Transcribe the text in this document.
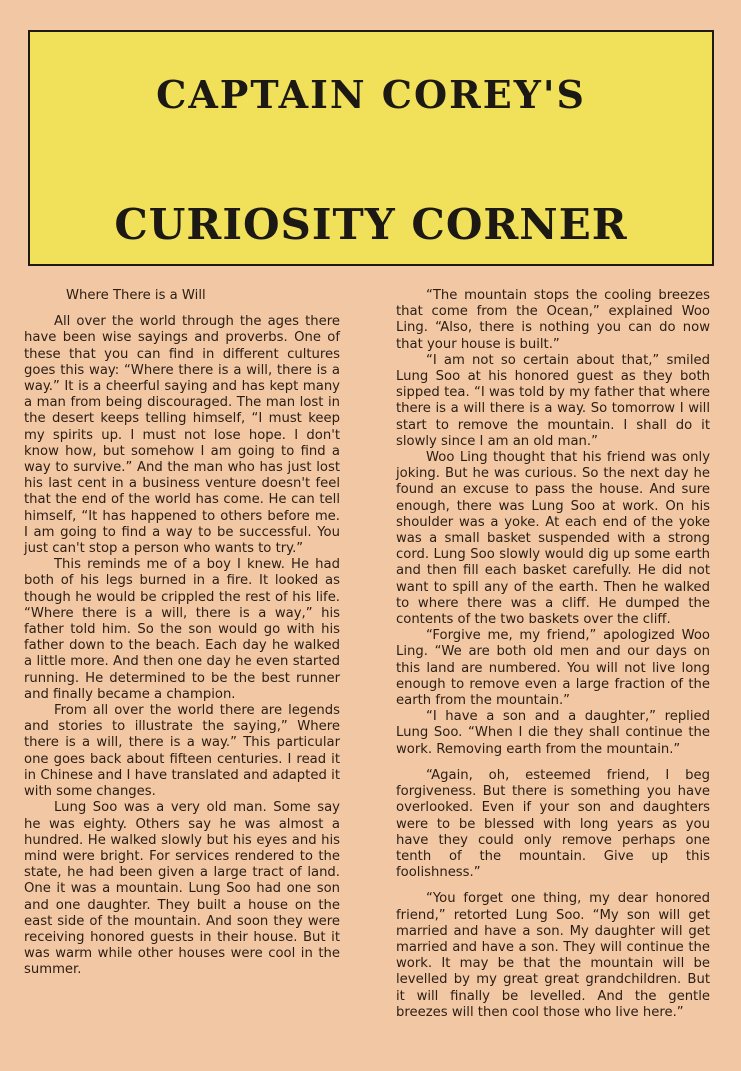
CAPTAIN COREY'S
CURIOSITY CORNER

Where There is a Will

All over the world through the ages there have been wise sayings and proverbs. One of these that you can find in different cultures goes this way: “Where there is a will, there is a way.” It is a cheerful saying and has kept many a man from being discouraged. The man lost in the desert keeps telling himself, “I must keep my spirits up. I must not lose hope. I don't know how, but somehow I am going to find a way to survive.” And the man who has just lost his last cent in a business venture doesn't feel that the end of the world has come. He can tell himself, “It has happened to others before me. I am going to find a way to be successful. You just can't stop a person who wants to try.”

This reminds me of a boy I knew. He had both of his legs burned in a fire. It looked as though he would be crippled the rest of his life. “Where there is a will, there is a way,” his father told him. So the son would go with his father down to the beach. Each day he walked a little more. And then one day he even started running. He determined to be the best runner and finally became a champion.

From all over the world there are legends and stories to illustrate the saying,” Where there is a will, there is a way.” This particular one goes back about fifteen centuries. I read it in Chinese and I have translated and adapted it with some changes.

Lung Soo was a very old man. Some say he was eighty. Others say he was almost a hundred. He walked slowly but his eyes and his mind were bright. For services rendered to the state, he had been given a large tract of land. One it was a mountain. Lung Soo had one son and one daughter. They built a house on the east side of the mountain. And soon they were receiving honored guests in their house. But it was warm while other houses were cool in the summer.

“The mountain stops the cooling breezes that come from the Ocean,” explained Woo Ling. “Also, there is nothing you can do now that your house is built.”

“I am not so certain about that,” smiled Lung Soo at his honored guest as they both sipped tea. “I was told by my father that where there is a will there is a way. So tomorrow I will start to remove the mountain. I shall do it slowly since I am an old man.”

Woo Ling thought that his friend was only joking. But he was curious. So the next day he found an excuse to pass the house. And sure enough, there was Lung Soo at work. On his shoulder was a yoke. At each end of the yoke was a small basket suspended with a strong cord. Lung Soo slowly would dig up some earth and then fill each basket carefully. He did not want to spill any of the earth. Then he walked to where there was a cliff. He dumped the contents of the two baskets over the cliff.

“Forgive me, my friend,” apologized Woo Ling. “We are both old men and our days on this land are numbered. You will not live long enough to remove even a large fraction of the earth from the mountain.”

“I have a son and a daughter,” replied Lung Soo. “When I die they shall continue the work. Removing earth from the mountain.”

“Again, oh, esteemed friend, I beg forgiveness. But there is something you have overlooked. Even if your son and daughters were to be blessed with long years as you have they could only remove perhaps one tenth of the mountain. Give up this foolishness.”

“You forget one thing, my dear honored friend,” retorted Lung Soo. “My son will get married and have a son. My daughter will get married and have a son. They will continue the work. It may be that the mountain will be levelled by my great great grandchildren. But it will finally be levelled. And the gentle breezes will then cool those who live here.”
